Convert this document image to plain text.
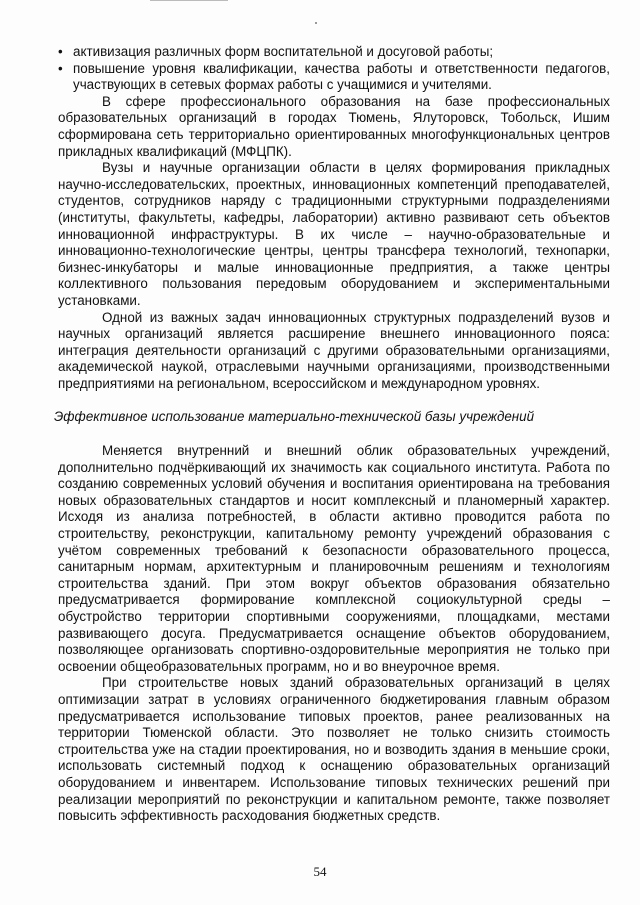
• активизация различных форм воспитательной и досуговой работы;
• повышение уровня квалификации, качества работы и ответственности педагогов, участвующих в сетевых формах работы с учащимися и учителями.

В сфере профессионального образования на базе профессиональных образовательных организаций в городах Тюмень, Ялуторовск, Тобольск, Ишим сформирована сеть территориально ориентированных многофункциональных центров прикладных квалификаций (МФЦПК).

Вузы и научные организации области в целях формирования прикладных научно-исследовательских, проектных, инновационных компетенций преподавателей, студентов, сотрудников наряду с традиционными структурными подразделениями (институты, факультеты, кафедры, лаборатории) активно развивают сеть объектов инновационной инфраструктуры. В их числе – научно-образовательные и инновационно-технологические центры, центры трансфера технологий, технопарки, бизнес-инкубаторы и малые инновационные предприятия, а также центры коллективного пользования передовым оборудованием и экспериментальными установками.

Одной из важных задач инновационных структурных подразделений вузов и научных организаций является расширение внешнего инновационного пояса: интеграция деятельности организаций с другими образовательными организациями, академической наукой, отраслевыми научными организациями, производственными предприятиями на региональном, всероссийском и международном уровнях.

Эффективное использование материально-технической базы учреждений

Меняется внутренний и внешний облик образовательных учреждений, дополнительно подчёркивающий их значимость как социального института. Работа по созданию современных условий обучения и воспитания ориентирована на требования новых образовательных стандартов и носит комплексный и планомерный характер. Исходя из анализа потребностей, в области активно проводится работа по строительству, реконструкции, капитальному ремонту учреждений образования с учётом современных требований к безопасности образовательного процесса, санитарным нормам, архитектурным и планировочным решениям и технологиям строительства зданий. При этом вокруг объектов образования обязательно предусматривается формирование комплексной социокультурной среды – обустройство территории спортивными сооружениями, площадками, местами развивающего досуга. Предусматривается оснащение объектов оборудованием, позволяющее организовать спортивно-оздоровительные мероприятия не только при освоении общеобразовательных программ, но и во внеурочное время.

При строительстве новых зданий образовательных организаций в целях оптимизации затрат в условиях ограниченного бюджетирования главным образом предусматривается использование типовых проектов, ранее реализованных на территории Тюменской области. Это позволяет не только снизить стоимость строительства уже на стадии проектирования, но и возводить здания в меньшие сроки, использовать системный подход к оснащению образовательных организаций оборудованием и инвентарем. Использование типовых технических решений при реализации мероприятий по реконструкции и капитальном ремонте, также позволяет повысить эффективность расходования бюджетных средств.

54
